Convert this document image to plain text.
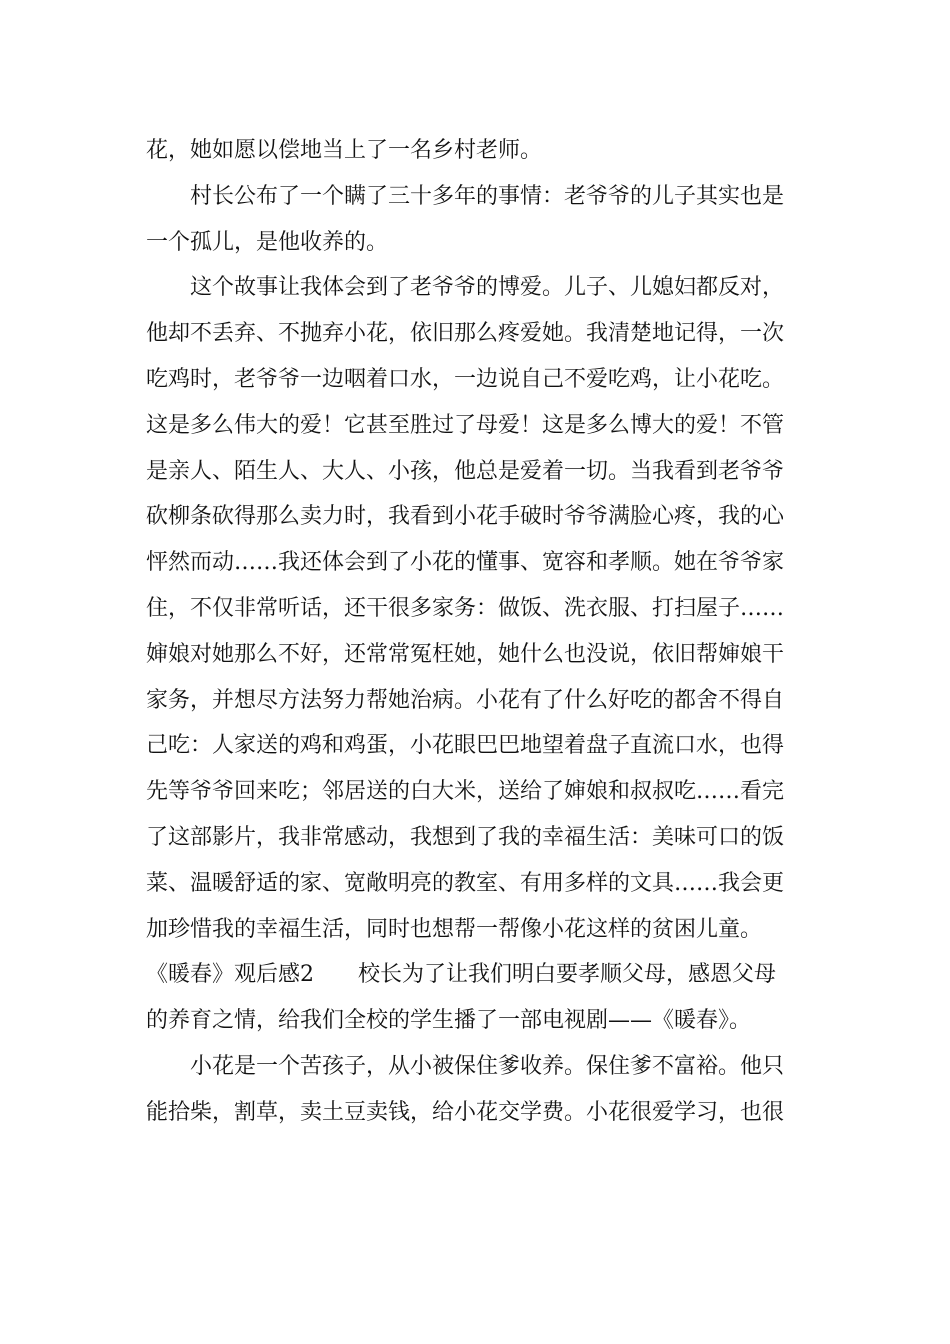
花，她如愿以偿地当上了一名乡村老师。
村长公布了一个瞒了三十多年的事情：老爷爷的儿子其实也是
一个孤儿，是他收养的。
这个故事让我体会到了老爷爷的博爱。儿子、儿媳妇都反对，
他却不丢弃、不抛弃小花，依旧那么疼爱她。我清楚地记得，一次
吃鸡时，老爷爷一边咽着口水，一边说自己不爱吃鸡，让小花吃。
这是多么伟大的爱！它甚至胜过了母爱！这是多么博大的爱！不管
是亲人、陌生人、大人、小孩，他总是爱着一切。当我看到老爷爷
砍柳条砍得那么卖力时，我看到小花手破时爷爷满脸心疼，我的心
怦然而动……我还体会到了小花的懂事、宽容和孝顺。她在爷爷家
住，不仅非常听话，还干很多家务：做饭、洗衣服、打扫屋子……
婶娘对她那么不好，还常常冤枉她，她什么也没说，依旧帮婶娘干
家务，并想尽方法努力帮她治病。小花有了什么好吃的都舍不得自
己吃：人家送的鸡和鸡蛋，小花眼巴巴地望着盘子直流口水，也得
先等爷爷回来吃；邻居送的白大米，送给了婶娘和叔叔吃……看完
了这部影片，我非常感动，我想到了我的幸福生活：美味可口的饭
菜、温暖舒适的家、宽敞明亮的教室、有用多样的文具……我会更
加珍惜我的幸福生活，同时也想帮一帮像小花这样的贫困儿童。
《暖春》观后感2　　校长为了让我们明白要孝顺父母，感恩父母
的养育之情，给我们全校的学生播了一部电视剧——《暖春》。
小花是一个苦孩子，从小被保住爹收养。保住爹不富裕。他只
能拾柴，割草，卖土豆卖钱，给小花交学费。小花很爱学习，也很
